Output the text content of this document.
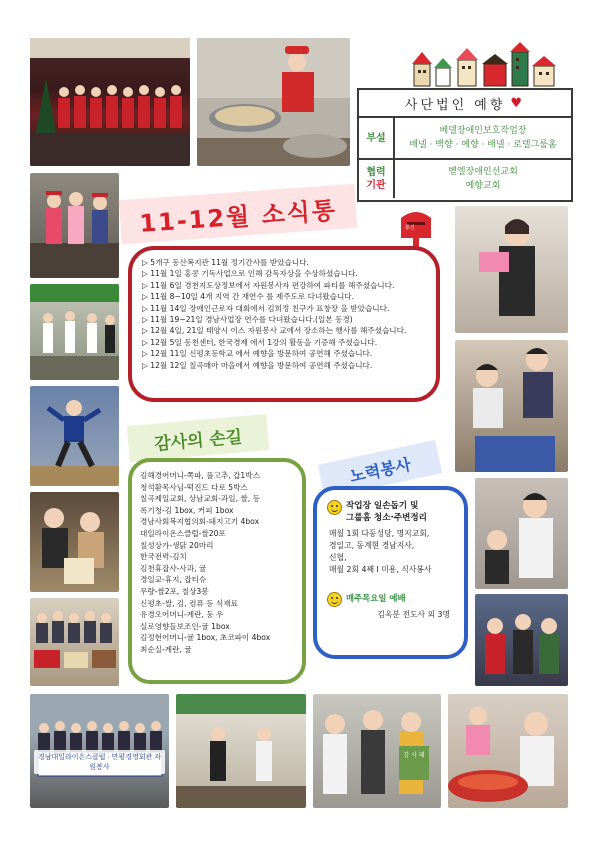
사단법인 예향 ♥
부설
베델장애인보호작업장
배넬 · 백향 · 예향 · 배넬 · 로델그룹홈
협력
기관
벧엘장애인선교회
예향교회
경남대일라이온스클럽 · 만평경영회관 자원봉사
감 사 패
11-12월 소식통	통신
▷ 5개구 동산복지관 11월 정기간사를 받았습니다.
▷ 11월 1일 홍콩 기독사업으로 인해 감독자상을 수상하셨습니다.
▷ 11월 6일 경천지도상정보에서 자원봉사자 편강하여 파티를 해주셨습니다.
▷ 11월 8~10일 4개 지역 간 재연수 를 제주도로 다녀왔습니다.
▷ 11월 14일 장애인근로자 대회에서 김희정 친구가 표창장 을 받았습니다.
▷ 11월 19~21일 경남사업장 연수를 다녀왔습니다.(일본 동경)
▷ 12월 4일, 21일 태양시 이스 자원봉사 교에서 장소하는 행사를 해주셨습니다.
▷ 12월 5일 동천센터, 한국경제 에서 1강의 활동을 기증해 주셨습니다.
▷ 12월 11일 신평초등학교 에서 예향을 방문하여 공연해 주셨습니다.
▷ 12월 12일 칠곡매아 마을에서 예향을 방문하여 공연해 주셨습니다.
감사의 손길
김해경어머니-쪽파, 풀고추, 갑1박스
청석환목사님-떡진드 다로 5박스
칠곡제일교회, 상남교회-과일, 쌀, 등
록기청-김 1box, 커피 1box
경남사회복지협의회-돼지고기 4box
대일라이온스클럽-쌀20포
칠성상가-생닭 20마리
한국전력-김치
김천휴잡사-사과, 귤
경일교-휴지, 잡티슈
무량-쌀2포, 칠상3봉
신평초-쌀, 김, 컴퓨 등 식재료
유경오어머니-계란, 둥 우
실로영향들보조인-귤 1box
김정현어머니-귤 1box, 초코파이 4box
최순실-계란, 귤
노력봉사
작업장 일손돕기 및
그룹홈 청소·주변정리
매월 1회 다동성당, 명지교회,
경일고, 동계현 경남지사,
신협,
매월 2회 4째 I 미용, 식사봉사
매주목요일 예배
김옥분 전도사 외 3명
